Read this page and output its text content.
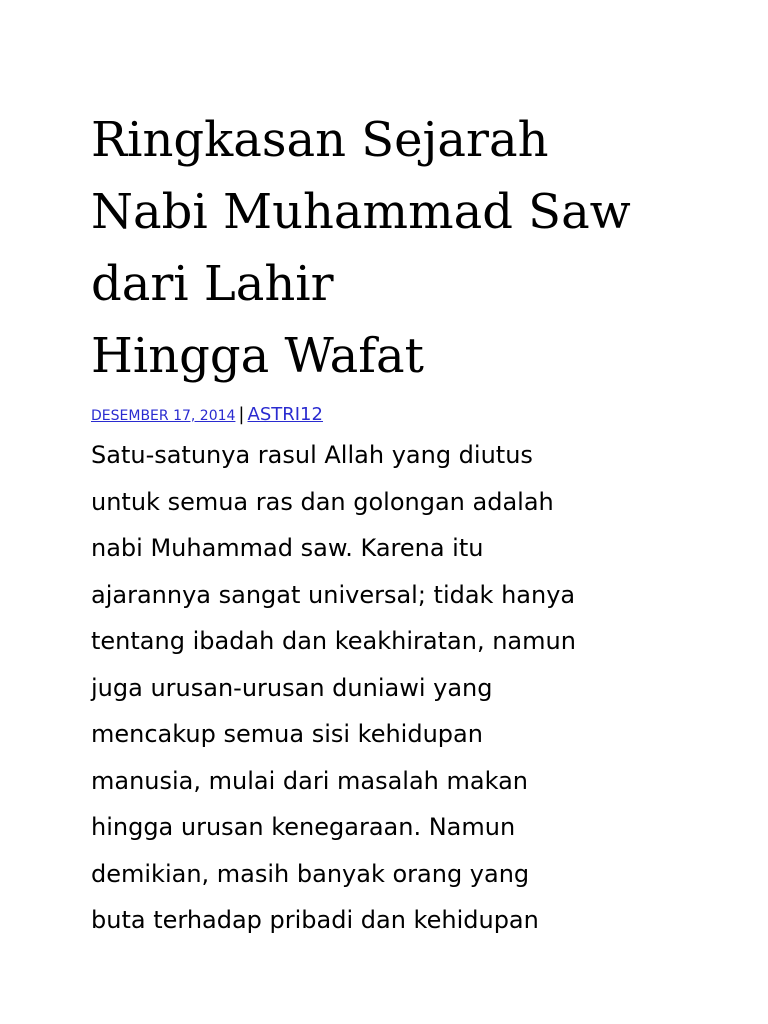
Ringkasan Sejarah
Nabi Muhammad Saw
dari Lahir
Hingga Wafat
DESEMBER 17, 2014 | ASTRI12

Satu-satunya rasul Allah yang diutus
untuk semua ras dan golongan adalah
nabi Muhammad saw. Karena itu
ajarannya sangat universal; tidak hanya
tentang ibadah dan keakhiratan, namun
juga urusan-urusan duniawi yang
mencakup semua sisi kehidupan
manusia, mulai dari masalah makan
hingga urusan kenegaraan. Namun
demikian, masih banyak orang yang
buta terhadap pribadi dan kehidupan
